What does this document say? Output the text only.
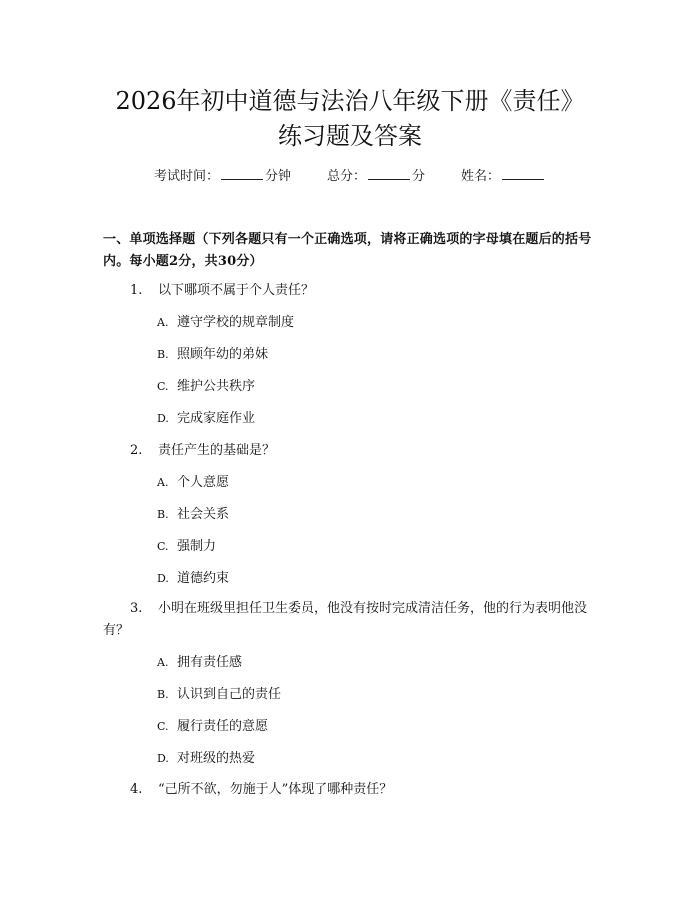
2026年初中道德与法治八年级下册《责任》
练习题及答案
考试时间：	分钟	总分：	分	姓名：

一、单项选择题（下列各题只有一个正确选项，请将正确选项的字母填在题后的括号内。每小题2分，共30分）

1. 以下哪项不属于个人责任？

A. 遵守学校的规章制度

B. 照顾年幼的弟妹

C. 维护公共秩序

D. 完成家庭作业

2. 责任产生的基础是？

A. 个人意愿

B. 社会关系

C. 强制力

D. 道德约束

3. 小明在班级里担任卫生委员，他没有按时完成清洁任务，他的行为表明他没有？

A. 拥有责任感

B. 认识到自己的责任

C. 履行责任的意愿

D. 对班级的热爱

4. “己所不欲，勿施于人”体现了哪种责任？
